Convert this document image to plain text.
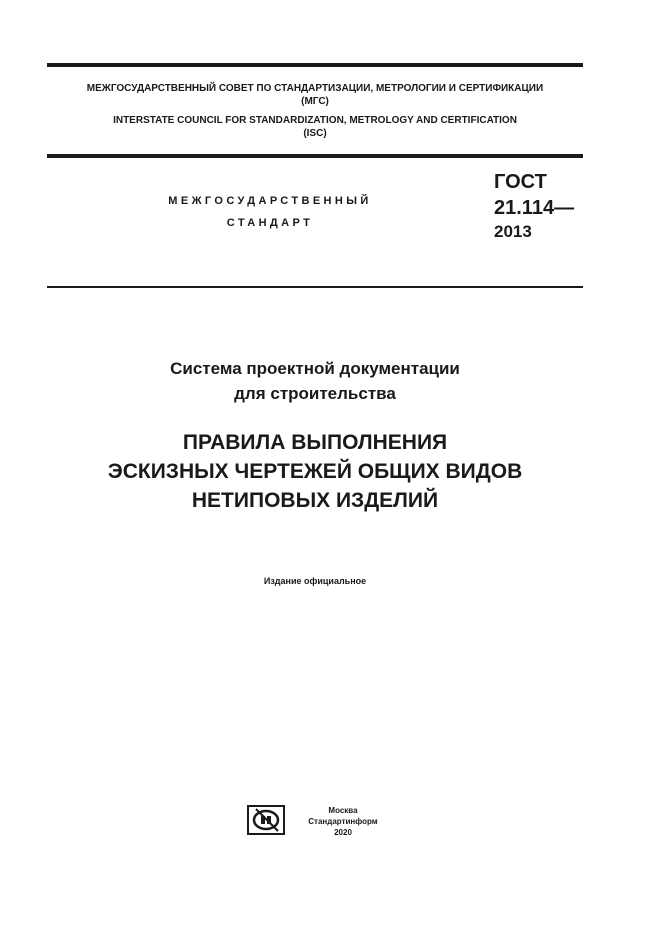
МЕЖГОСУДАРСТВЕННЫЙ СОВЕТ ПО СТАНДАРТИЗАЦИИ, МЕТРОЛОГИИ И СЕРТИФИКАЦИИ
(МГС)
INTERSTATE COUNCIL FOR STANDARDIZATION, METROLOGY AND CERTIFICATION
(ISC)
МЕЖГОСУДАРСТВЕННЫЙ
СТАНДАРТ
ГОСТ
21.114—
2013
Система проектной документации
для строительства
ПРАВИЛА ВЫПОЛНЕНИЯ
ЭСКИЗНЫХ ЧЕРТЕЖЕЙ ОБЩИХ ВИДОВ
НЕТИПОВЫХ ИЗДЕЛИЙ
Издание официальное
Москва
Стандартинформ
2020
